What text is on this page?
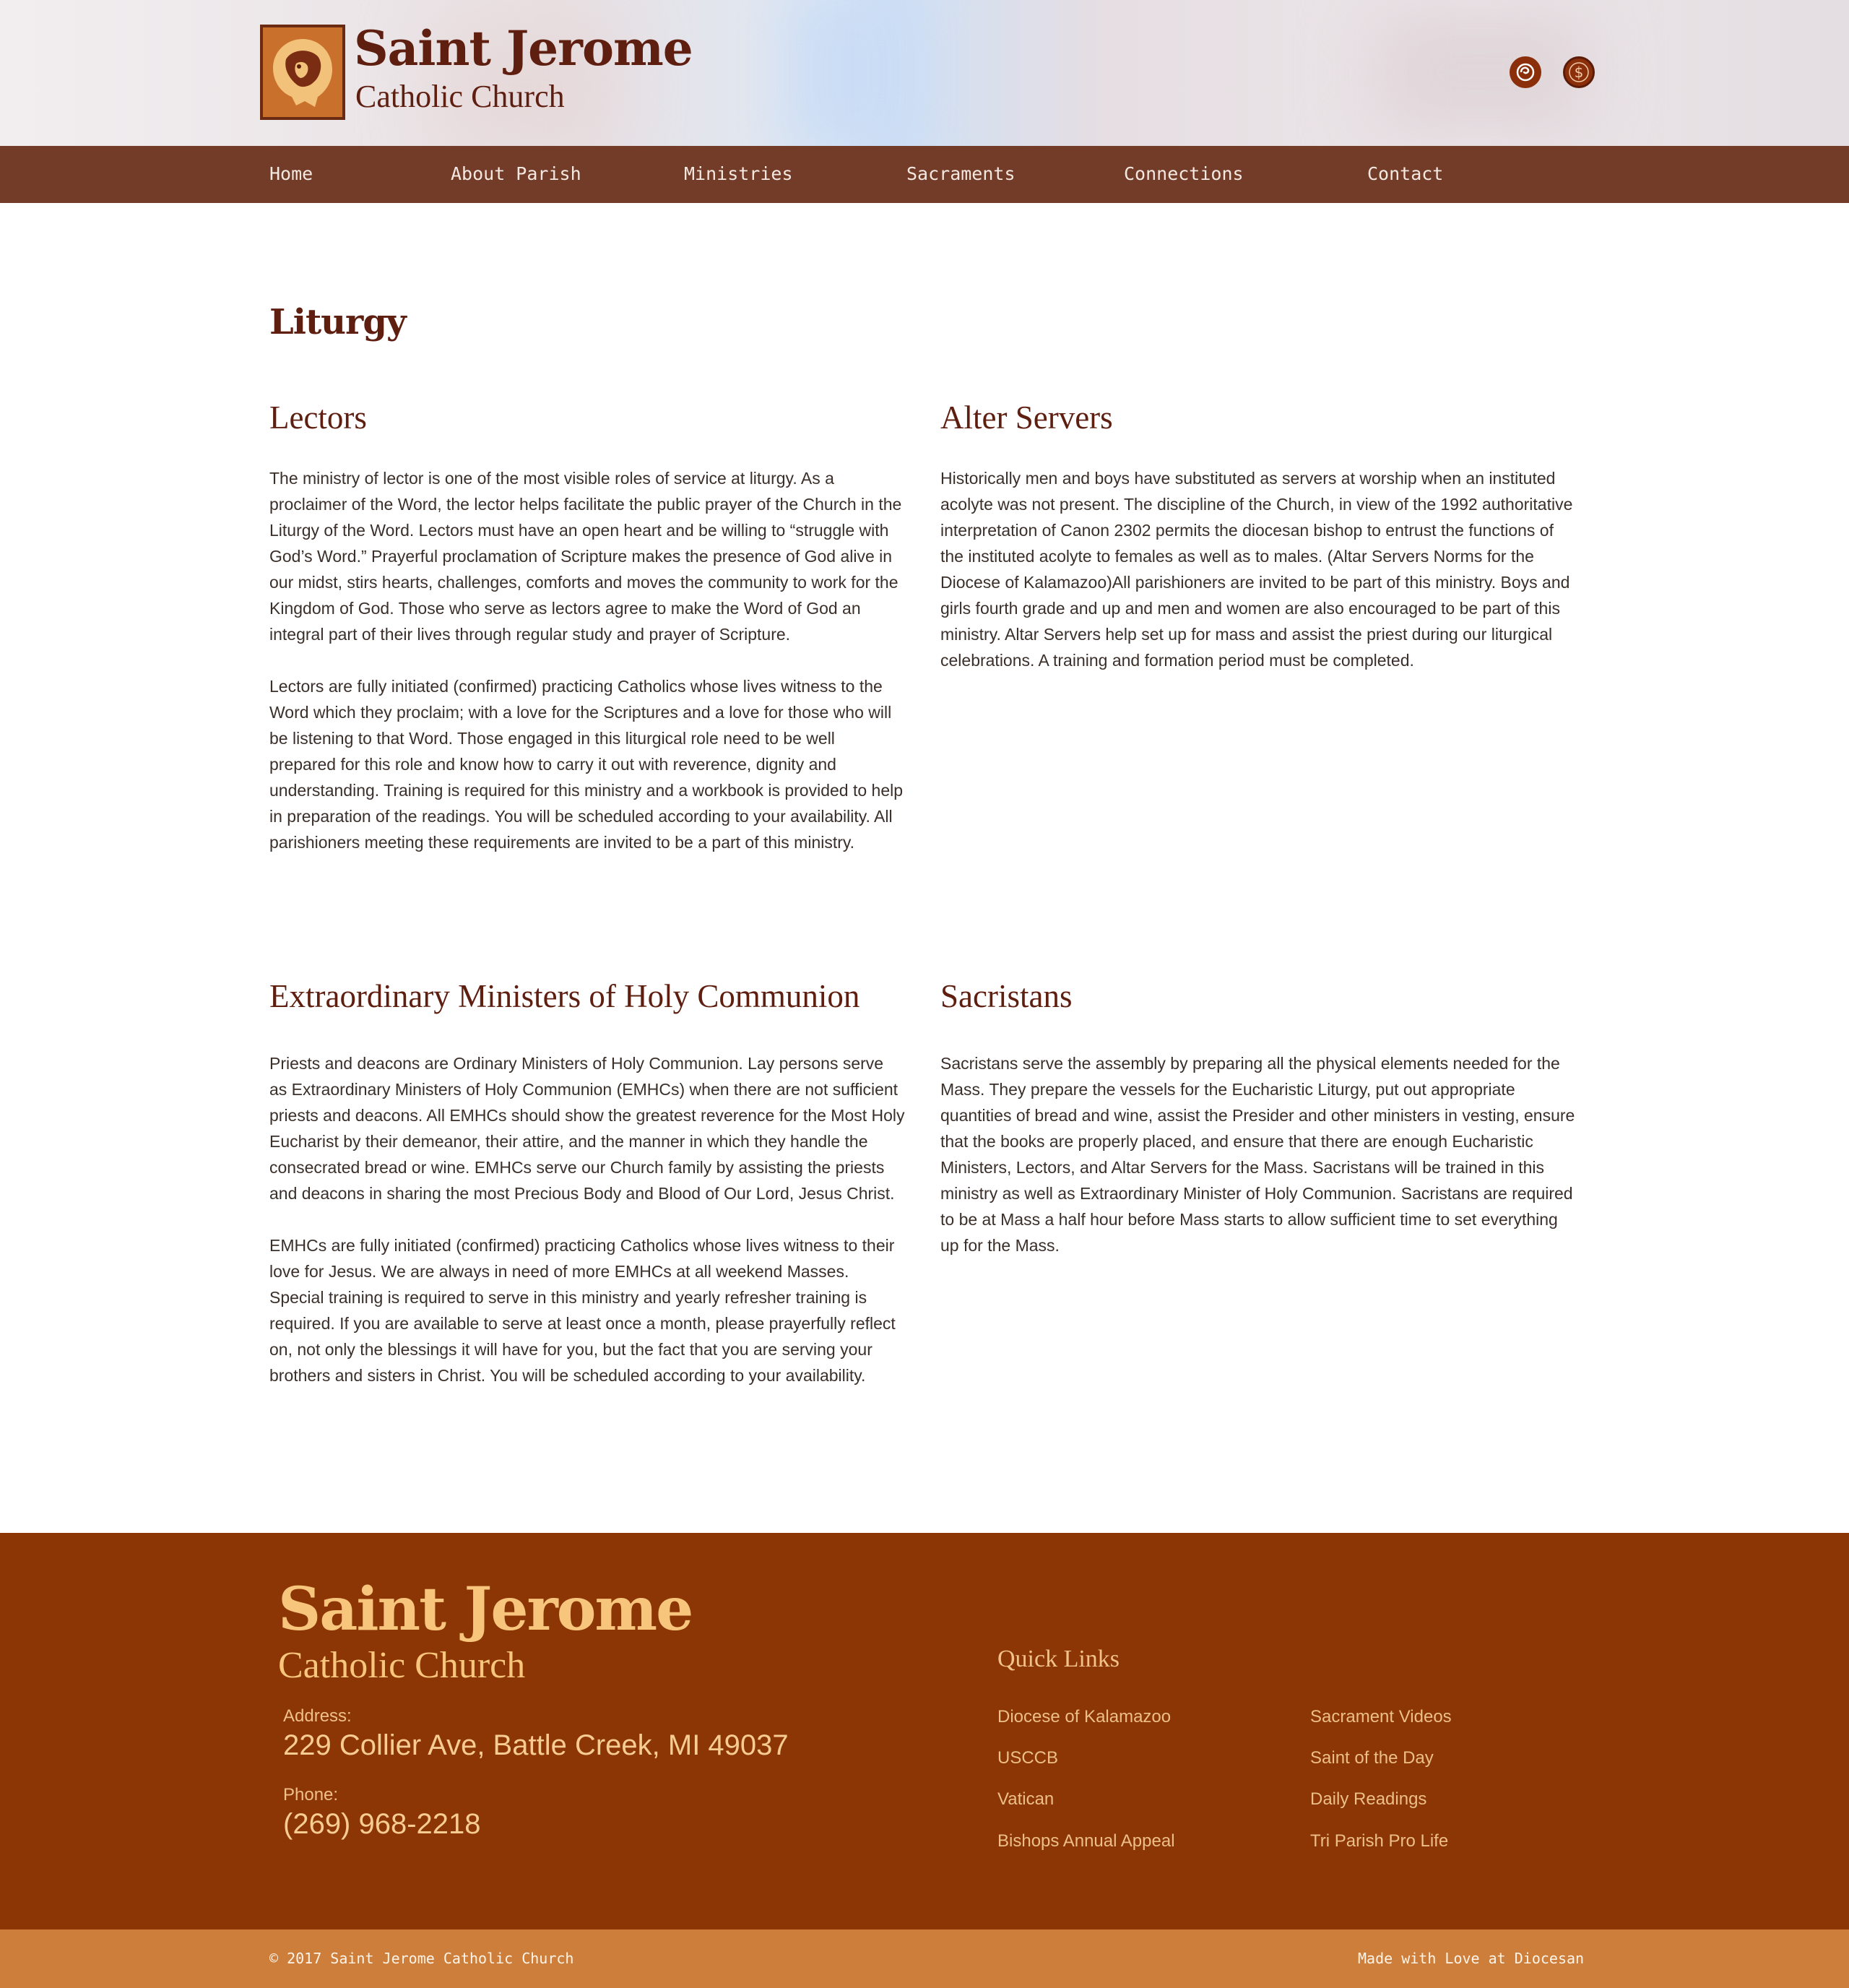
Saint Jerome
Catholic Church
$
Home	About Parish	Ministries	Sacraments	Connections	Contact
Liturgy
Lectors

The ministry of lector is one of the most visible roles of service at liturgy. As a proclaimer of the Word, the lector helps facilitate the public prayer of the Church in the Liturgy of the Word. Lectors must have an open heart and be willing to “struggle with God’s Word.” Prayerful proclamation of Scripture makes the presence of God alive in our midst, stirs hearts, challenges, comforts and moves the community to work for the Kingdom of God. Those who serve as lectors agree to make the Word of God an integral part of their lives through regular study and prayer of Scripture.

Lectors are fully initiated (confirmed) practicing Catholics whose lives witness to the Word which they proclaim; with a love for the Scriptures and a love for those who will be listening to that Word. Those engaged in this liturgical role need to be well prepared for this role and know how to carry it out with reverence, dignity and understanding. Training is required for this ministry and a workbook is provided to help in preparation of the readings. You will be scheduled according to your availability. All parishioners meeting these requirements are invited to be a part of this ministry.

Alter Servers

Historically men and boys have substituted as servers at worship when an instituted acolyte was not present. The discipline of the Church, in view of the 1992 authoritative interpretation of Canon 2302 permits the diocesan bishop to entrust the functions of the instituted acolyte to females as well as to males. (Altar Servers Norms for the Diocese of Kalamazoo)All parishioners are invited to be part of this ministry. Boys and girls fourth grade and up and men and women are also encouraged to be part of this ministry. Altar Servers help set up for mass and assist the priest during our liturgical celebrations. A training and formation period must be completed.

Extraordinary Ministers of Holy Communion

Priests and deacons are Ordinary Ministers of Holy Communion. Lay persons serve as Extraordinary Ministers of Holy Communion (EMHCs) when there are not sufficient priests and deacons. All EMHCs should show the greatest reverence for the Most Holy Eucharist by their demeanor, their attire, and the manner in which they handle the consecrated bread or wine. EMHCs serve our Church family by assisting the priests and deacons in sharing the most Precious Body and Blood of Our Lord, Jesus Christ.

EMHCs are fully initiated (confirmed) practicing Catholics whose lives witness to their love for Jesus. We are always in need of more EMHCs at all weekend Masses. Special training is required to serve in this ministry and yearly refresher training is required. If you are available to serve at least once a month, please prayerfully reflect on, not only the blessings it will have for you, but the fact that you are serving your brothers and sisters in Christ. You will be scheduled according to your availability.

Sacristans

Sacristans serve the assembly by preparing all the physical elements needed for the Mass. They prepare the vessels for the Eucharistic Liturgy, put out appropriate quantities of bread and wine, assist the Presider and other ministers in vesting, ensure that the books are properly placed, and ensure that there are enough Eucharistic Ministers, Lectors, and Altar Servers for the Mass. Sacristans will be trained in this ministry as well as Extraordinary Minister of Holy Communion. Sacristans are required to be at Mass a half hour before Mass starts to allow sufficient time to set everything up for the Mass.

Saint Jerome
Catholic Church
Address:
229 Collier Ave, Battle Creek, MI 49037
Phone:
(269) 968-2218
Quick Links
Diocese of Kalamazoo
USCCB
Vatican
Bishops Annual Appeal
Sacrament Videos
Saint of the Day
Daily Readings
Tri Parish Pro Life
© 2017 Saint Jerome Catholic Church	Made with Love at Diocesan
